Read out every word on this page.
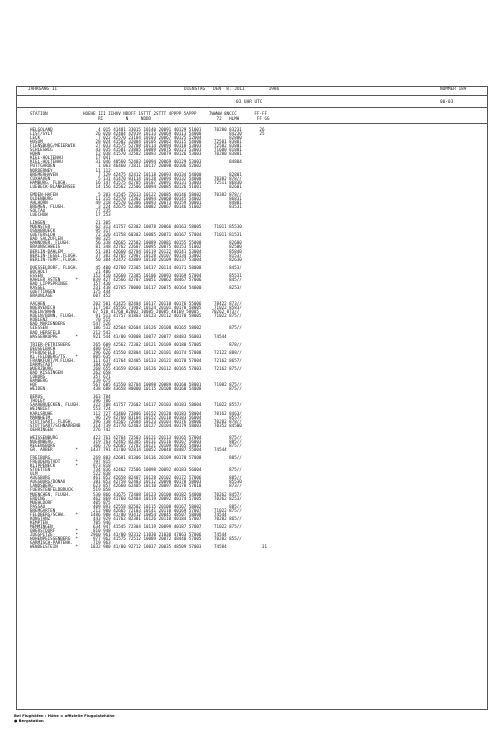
JAHRGANG 11	DIENSTAG   DEN  8. JULI         1986	NUMMER 189
03 UHR UTC	00-03
STATION              HOEHE III IIHVV NDDFF 1STTT 2STTT 4PPPP 5APPP     7WWWW 8NCCC       FF-FF
RI         N     NDDD                          72   HLMH       FF GG
HELGOLAND                  4 015 41481 33015 10140 20091 40129 51001     70280 83231       26
LIST/SYLT                 26 020 42484 42919 10133 20069 40113 54000           84230       25
LECK                       7 022 42570 23104 10103 20067 40125 52004           82800
HUSUM                     28 024 41582 32004 10105 20082 40115 54000     72581 83801
FLENSBURG/MEIERWIK        27 033 41575 52708 10114 20094 40118 53003     72582 83801
SCHLESWIG                 43 035 41581 23805 10089 20075 40121 53001     71600 81801
HOHN                      12 038 41570 32502 10093 20079 40126 53003     70280 83801
KIEL-HOLTENAU             17 041
KIEL-HOLTENAU             31 046 40560 52403 10094 20069 40129 53003           84804
PUTTGARDEN                 1 063 46460 /2811 10117 20098 40106 52002
NORDERNEY                 11 112
BREMERHAVEN                7 129 42475 42412 10118 20093 40134 54000           82801
CUXHAVEN                   5 131 41470 83114 10128 20094 40132 54000     70382 878//
HAMBURG, FLUGH.           16 147 41575 42705 10107 20091 40131 53003     72511 86830
LUEBECK-BLANKENSEE        14 156 42562 22506 10094 20085 40126 51001           82601
EMDEN-HAFEN                5 203 41545 72613 10122 20085 40146 58002     70382 878//
OLDENBURG                 11 215 42570 72302 10094 20060 40145 54002           86831
AHLHORN                   49 218 42570 62306 10093 20073 40159 50001           84801
BREMEN, FLUGH.             3 224 42675 62306 10082 20067 40146 51002           83531
SOLTAU                    77 235
LUECHOW                   17 253
LINGEN                    21 305
MUENSTER                  62 313 41757 62302 10078 20066 40163 58005     71011 85530
OSNABRUECK                95 317
GUETERSLOH                72 320 41758 60302 10085 20071 40167 57004     71011 81531
BAD SALZUFLEN             98 325
HANNOVER, FLUGH.          56 338 42665 22502 10089 20081 40155 55000           82600
BRAUNSCHWEIG              81 348 42762 22607 10095 20075 40153 51002           82500
BERLIN-DAHLEM             51 381 42660 42704 10119 20122 40141 53004           85840
BERLIN-TEGEL,FLUGH.       37 382 42765 72907 10128 20107 40134 53002           8153/
BERLIN-TEMP.,FLUGH.       50 384 42472 42809 10130 20109 40137 53004           82630
DUESSELDORF, FLUGH.       45 400 42760 72305 10137 20114 40171 58008           8453/
BOCHOLT                   21 406
ESSEN                    152 410 42660 72305 10106 20093 40169 57004           85531
KAHLER ASTEN      *      839 427 42566 42707 10051 20062 48467 57006           845//
BAD LIPPSPRINGE          157 430
KASSEL                   231 438 42765 70000 10117 20075 40164 54000           8253/
GOETTINGEN               175 444
BRAUNLAGE                607 452
AACHEN                   202 501 41425 82404 10117 20110 40176 55006     78422 873//
NOERVENICH               117 502 45556 71902 10124 20101 40170 58005     71022 8583/
KOELN/WAHN               67 510 41760 82802 10085 20085 40169 58005     70262 873//
KOELN/BONN, FLUGH.        91 513 41757 81803 10123 20112 40170 58005     71022 875//
KOBLENZ                   70 515
BAD MARIENBERG           547 526
GIESSEN                  186 532 42564 82604 10126 20108 40165 58002           875//
BAD HERSFELD             212 542
WASSERKUPPE       *      921 544 41/00 93008 10077 20077 48483 56003     74544
TRIER-PETRISBERG         265 609 42562 72302 10121 20109 40180 57005           878//
DEUSELBACH               480 615
PFERDSFELD               296 626 41550 82804 10112 20101 40174 57008     72122 888//
KL.FELDBERG/TS.   *      805 635
FRANKFURT/M.FLUGH.       111 637 41764 82405 10133 20121 40170 57004     72162 8657/
DARMSTADT                184 639
WUERZBURG                268 655 41659 82603 10126 20112 40165 57003     72162 875//
BAD KISSINGEN            262 658
COBURG                   357 671
BAMBERG                  239 675
HOF                      567 685 41550 82704 10098 20089 40160 58001     71082 875//
WEIDEN                   438 688 43658 80000 10115 20108 40160 54008           875//
BERUS                    363 704
THOLEY                   396 706
SAARBRUECKEN, FLUGH.     322 708 41757 72602 10117 20103 40183 58004     71022 8557/
WEINBIET                 553 724
KARLSRUHE                112 727 41460 72806 10152 20120 40183 58004     70162 8463/
MANNHEIM                  96 729 42760 83104 10152 20118 40183 56004           8557/
STUTTGART, FLUGH.        396 738 41565 72604 10123 20103 40176 58006     70282 878//
STUTTGART/SCHNARRENB     314 739 41770 62403 10127 20104 40179 58003     70352 84500
OEHRINGEN                276 742
WEISSENBURG              422 761 42764 72503 10121 20113 40165 57004           875//
NUERNBERG                319 763 42465 82305 10131 20116 40167 56003           885//
REGENSBURG               366 776 42665 72702 10121 20109 40165 54003           875//
GR. ARBER         *     1437 791 41/00 92814 10052 20048 48487 55004     74544
FREIBURG                 269 803 42681 81306 10136 20109 40178 57008           885//
FREUDENSTADT      *      797 815
KLIPPENECK        *      973 818
STOETTEN                 734 836 42462 72506 10098 20092 40183 56004           875//
ULM                      522 838
AUGSBURG                 461 852 42658 82407 10128 20102 40172 57006           885//
AUGSBURG/DONAU           381 853 42758 62403 10112 20098 40170 58003           85530
LANDSBERG                623 857 42660 62405 10110 20097 40178 57010           873//
FUERSTENFELDBRUCK        519 858
MUENCHEN, FLUGH.         530 866 41675 72408 10123 20100 40182 54000     70262 8457/
ERDING                   462 869 41760 62404 10119 20092 40174 57005     70262 8253/
MUEHLDORF                405 875
PASSAU                   409 893 42558 82502 10115 20108 40167 58002           885//
BREMGARTEN               212 900 42665 72103 10141 20110 40169 57007     71022 875//
FELDBERG/SCHW.    *     1486 908 41/00 93412 10054 20045 48507 58008     74544
KONSTANZ                 443 929 41762 82301 10126 20110 40184 57007     70282 865//
KEMPTEN                  705 946
MEMMINGEN                634 947 41545 72304 10119 20099 40187 57007     71022 875//
OBERSTDORF        *      810 948
ZUGSPITZE         *     2960 961 41/00 92312 11030 21030 47063 57006     74544
HOHENPEISSENBERG  *      977 962 41575 72512 10089 20072 48448 57005     70282 855//
GARMISCH-PARTENK.        719 963
WENDELSTEIN       *     1832 980 41/00 92712 10037 20035 48509 57003     74584              31
Bei Flughäfen : Höhe = offizielle Flugplatzhöhe
● Bergstation
